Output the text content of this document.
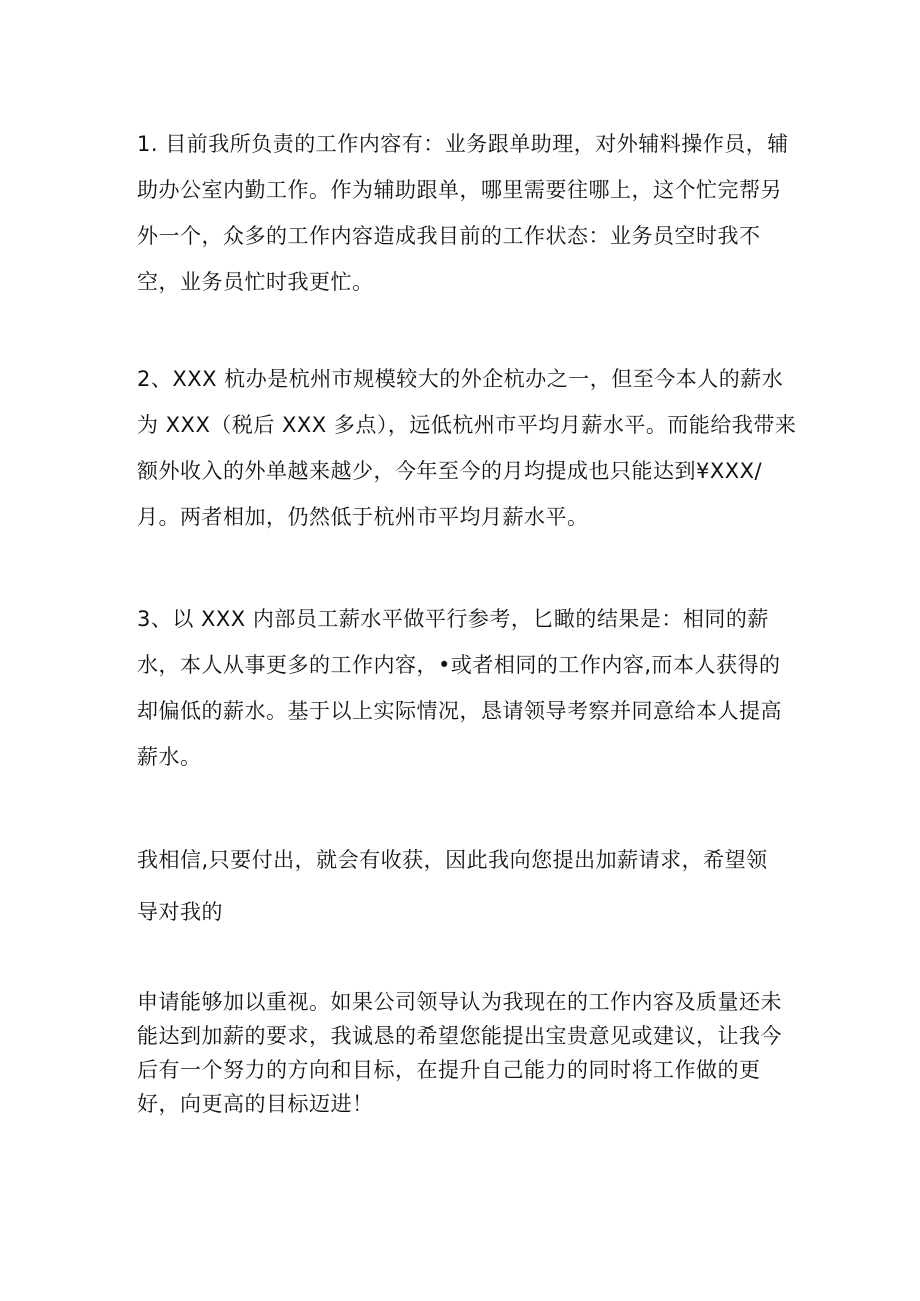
1. 目前我所负责的工作内容有：业务跟单助理，对外辅料操作员，辅
助办公室内勤工作。作为辅助跟单，哪里需要往哪上，这个忙完帮另
外一个，众多的工作内容造成我目前的工作状态：业务员空时我不
空，业务员忙时我更忙。

2、XXX 杭办是杭州市规模较大的外企杭办之一，但至今本人的薪水
为 XXX（税后 XXX 多点），远低杭州市平均月薪水平。而能给我带来
额外收入的外单越来越少，今年至今的月均提成也只能达到¥XXX/
月。两者相加，仍然低于杭州市平均月薪水平。

3、以 XXX 内部员工薪水平做平行参考，匕瞰的结果是：相同的薪
水，本人从事更多的工作内容，•或者相同的工作内容,而本人获得的
却偏低的薪水。基于以上实际情况，恳请领导考察并同意给本人提高
薪水。

我相信,只要付出，就会有收获，因此我向您提出加薪请求，希望领
导对我的

申请能够加以重视。如果公司领导认为我现在的工作内容及质量还未
能达到加薪的要求，我诚恳的希望您能提出宝贵意见或建议，让我今
后有一个努力的方向和目标，在提升自己能力的同时将工作做的更
好，向更高的目标迈进！
